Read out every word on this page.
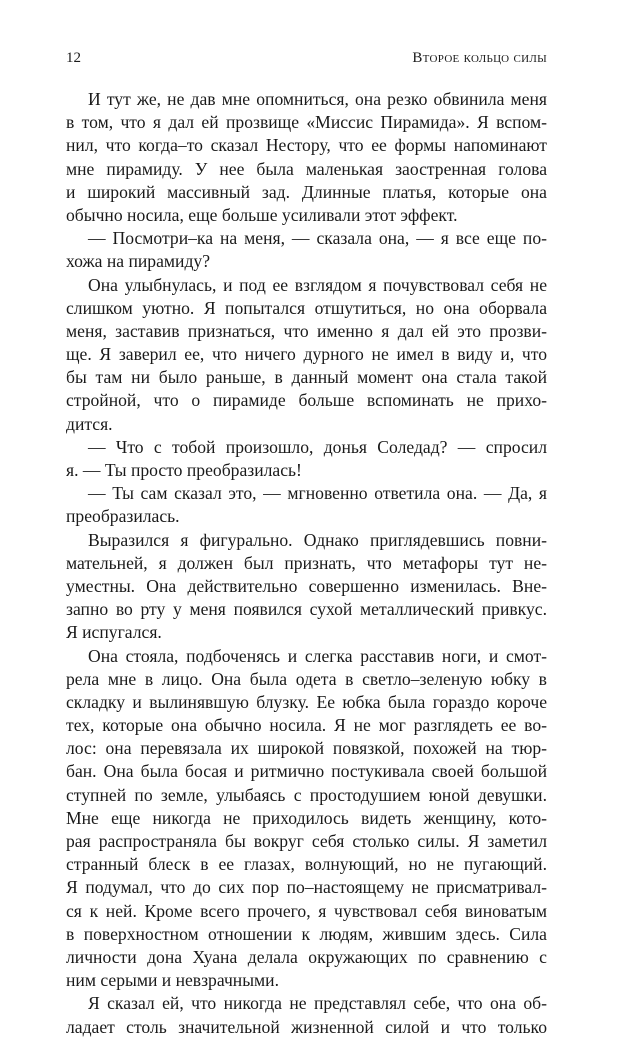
12	Второе кольцо силы
И тут же, не дав мне опомниться, она резко обвинила меня
в том, что я дал ей прозвище «Миссис Пирамида». Я вспом-
нил, что когда–то сказал Нестору, что ее формы напоминают
мне пирамиду. У нее была маленькая заостренная голова
и широкий массивный зад. Длинные платья, которые она
обычно носила, еще больше усиливали этот эффект.
— Посмотри–ка на меня, — сказала она, — я все еще по-
хожа на пирамиду?
Она улыбнулась, и под ее взглядом я почувствовал себя не
слишком уютно. Я попытался отшутиться, но она оборвала
меня, заставив признаться, что именно я дал ей это прозви-
ще. Я заверил ее, что ничего дурного не имел в виду и, что
бы там ни было раньше, в данный момент она стала такой
стройной, что о пирамиде больше вспоминать не прихо-
дится.
— Что с тобой произошло, донья Соледад? — спросил
я. — Ты просто преобразилась!
— Ты сам сказал это, — мгновенно ответила она. — Да, я
преобразилась.
Выразился я фигурально. Однако приглядевшись повни-
мательней, я должен был признать, что метафоры тут не-
уместны. Она действительно совершенно изменилась. Вне-
запно во рту у меня появился сухой металлический привкус.
Я испугался.
Она стояла, подбоченясь и слегка расставив ноги, и смот-
рела мне в лицо. Она была одета в светло–зеленую юбку в
складку и вылинявшую блузку. Ее юбка была гораздо короче
тех, которые она обычно носила. Я не мог разглядеть ее во-
лос: она перевязала их широкой повязкой, похожей на тюр-
бан. Она была босая и ритмично постукивала своей большой
ступней по земле, улыбаясь с простодушием юной девушки.
Мне еще никогда не приходилось видеть женщину, кото-
рая распространяла бы вокруг себя столько силы. Я заметил
странный блеск в ее глазах, волнующий, но не пугающий.
Я подумал, что до сих пор по–настоящему не присматривал-
ся к ней. Кроме всего прочего, я чувствовал себя виноватым
в поверхностном отношении к людям, жившим здесь. Сила
личности дона Хуана делала окружающих по сравнению с
ним серыми и невзрачными.
Я сказал ей, что никогда не представлял себе, что она об-
ладает столь значительной жизненной силой и что только
